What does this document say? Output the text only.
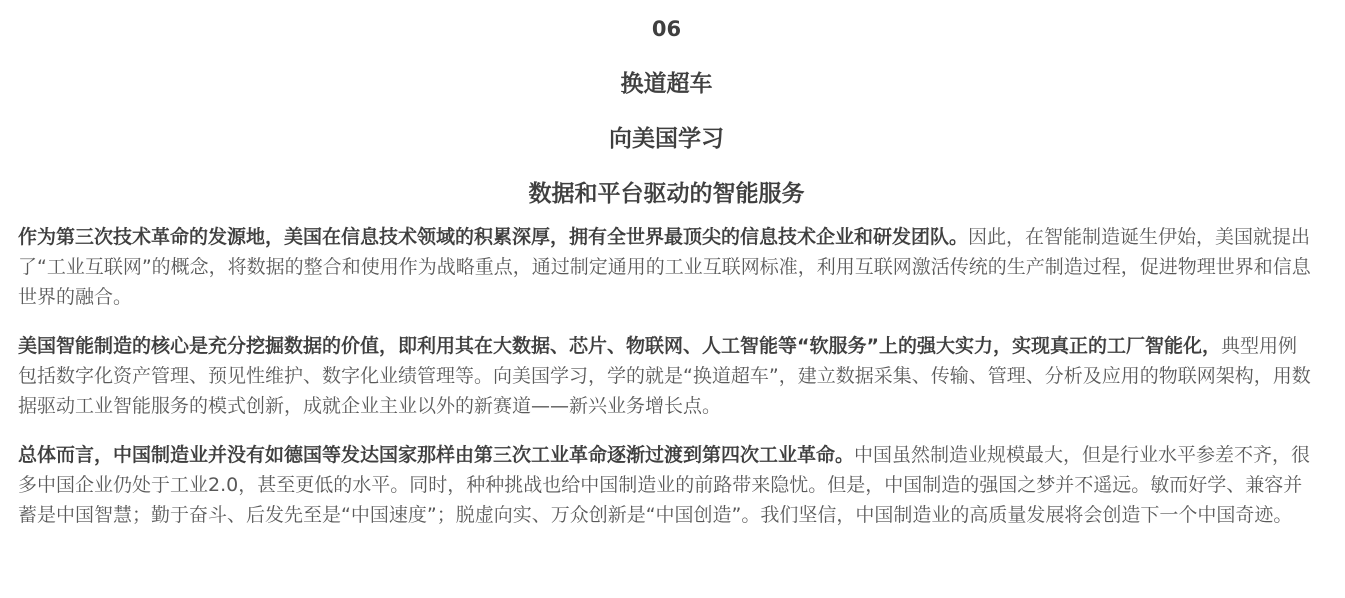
06

换道超车

向美国学习

数据和平台驱动的智能服务

作为第三次技术革命的发源地，美国在信息技术领域的积累深厚，拥有全世界最顶尖的信息技术企业和研发团队。因此，在智能制造诞生伊始，美国就提出了“工业互联网”的概念，将数据的整合和使用作为战略重点，通过制定通用的工业互联网标准，利用互联网激活传统的生产制造过程，促进物理世界和信息世界的融合。

美国智能制造的核心是充分挖掘数据的价值，即利用其在大数据、芯片、物联网、人工智能等“软服务”上的强大实力，实现真正的工厂智能化，典型用例包括数字化资产管理、预见性维护、数字化业绩管理等。向美国学习，学的就是“换道超车”，建立数据采集、传输、管理、分析及应用的物联网架构，用数据驱动工业智能服务的模式创新，成就企业主业以外的新赛道——新兴业务增长点。

总体而言，中国制造业并没有如德国等发达国家那样由第三次工业革命逐渐过渡到第四次工业革命。中国虽然制造业规模最大，但是行业水平参差不齐，很多中国企业仍处于工业2.0，甚至更低的水平。同时，种种挑战也给中国制造业的前路带来隐忧。但是，中国制造的强国之梦并不遥远。敏而好学、兼容并蓄是中国智慧；勤于奋斗、后发先至是“中国速度”；脱虚向实、万众创新是“中国创造”。我们坚信，中国制造业的高质量发展将会创造下一个中国奇迹。
